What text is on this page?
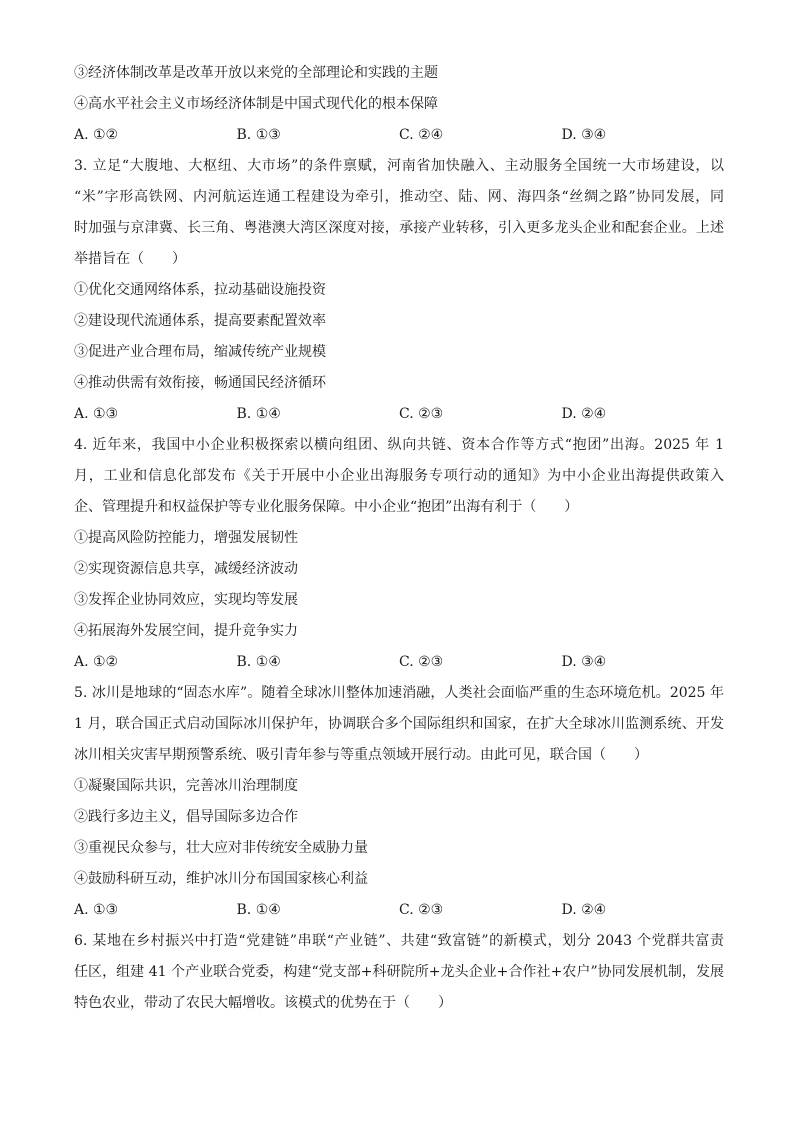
③经济体制改革是改革开放以来党的全部理论和实践的主题
④高水平社会主义市场经济体制是中国式现代化的根本保障
A. ①②	B. ①③	C. ②④	D. ③④
3. 立足“大腹地、大枢纽、大市场”的条件禀赋，河南省加快融入、主动服务全国统一大市场建设，以
“米”字形高铁网、内河航运连通工程建设为牵引，推动空、陆、网、海四条“丝绸之路”协同发展，同
时加强与京津冀、长三角、粤港澳大湾区深度对接，承接产业转移，引入更多龙头企业和配套企业。上述
举措旨在（　　）
①优化交通网络体系，拉动基础设施投资
②建设现代流通体系，提高要素配置效率
③促进产业合理布局，缩减传统产业规模
④推动供需有效衔接，畅通国民经济循环
A. ①③	B. ①④	C. ②③	D. ②④
4. 近年来，我国中小企业积极探索以横向组团、纵向共链、资本合作等方式“抱团”出海。2025 年 1
月，工业和信息化部发布《关于开展中小企业出海服务专项行动的通知》为中小企业出海提供政策入
企、管理提升和权益保护等专业化服务保障。中小企业“抱团”出海有利于（　　）
①提高风险防控能力，增强发展韧性
②实现资源信息共享，减缓经济波动
③发挥企业协同效应，实现均等发展
④拓展海外发展空间，提升竞争实力
A. ①②	B. ①④	C. ②③	D. ③④
5. 冰川是地球的“固态水库”。随着全球冰川整体加速消融，人类社会面临严重的生态环境危机。2025 年
1 月，联合国正式启动国际冰川保护年，协调联合多个国际组织和国家，在扩大全球冰川监测系统、开发
冰川相关灾害早期预警系统、吸引青年参与等重点领域开展行动。由此可见，联合国（　　）
①凝聚国际共识，完善冰川治理制度
②践行多边主义，倡导国际多边合作
③重视民众参与，壮大应对非传统安全威胁力量
④鼓励科研互动，维护冰川分布国国家核心利益
A. ①③	B. ①④	C. ②③	D. ②④
6. 某地在乡村振兴中打造“党建链”串联“产业链”、共建“致富链”的新模式，划分 2043 个党群共富责
任区，组建 41 个产业联合党委，构建“党支部+科研院所+龙头企业+合作社+农户”协同发展机制，发展
特色农业，带动了农民大幅增收。该模式的优势在于（　　）
